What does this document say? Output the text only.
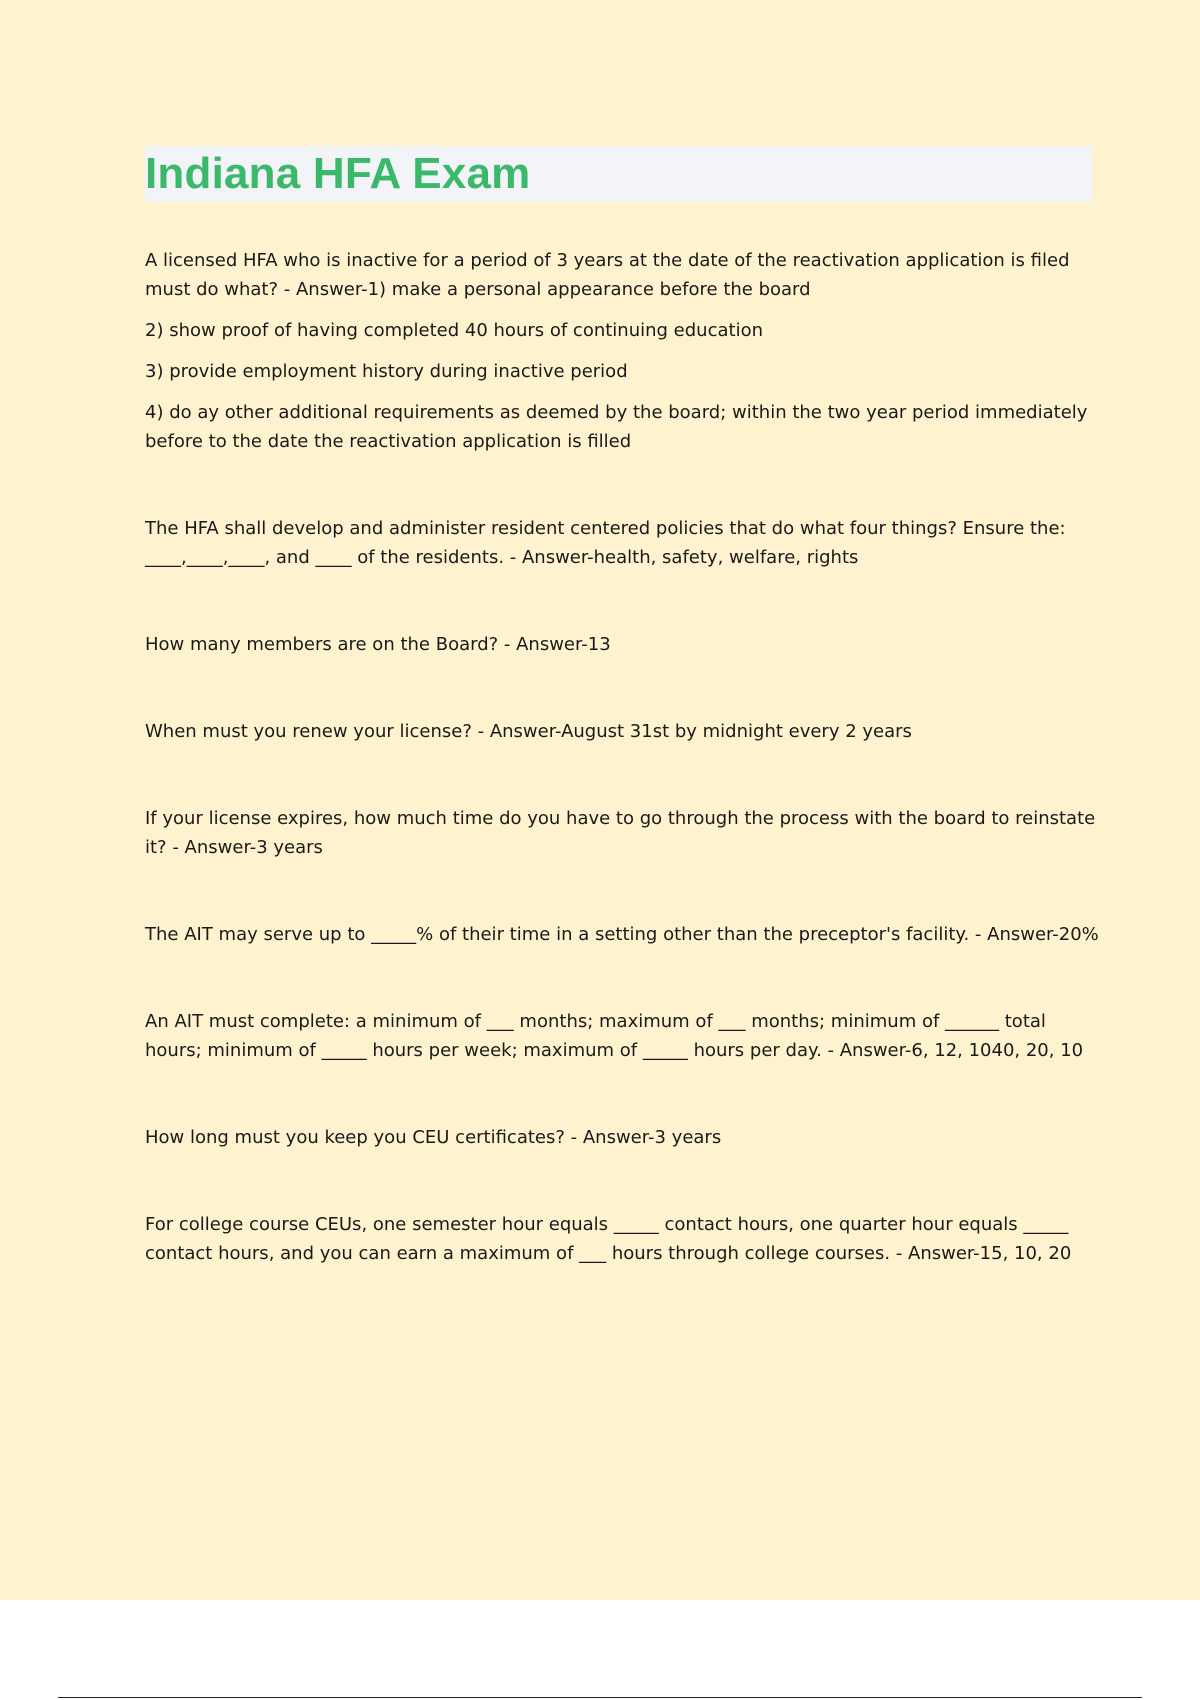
Indiana HFA Exam

A licensed HFA who is inactive for a period of 3 years at the date of the reactivation application is filed must do what? - Answer-1) make a personal appearance before the board

2) show proof of having completed 40 hours of continuing education

3) provide employment history during inactive period

4) do ay other additional requirements as deemed by the board; within the two year period immediately before to the date the reactivation application is filled

The HFA shall develop and administer resident centered policies that do what four things? Ensure the: ____,____,____, and ____ of the residents. - Answer-health, safety, welfare, rights

How many members are on the Board? - Answer-13

When must you renew your license? - Answer-August 31st by midnight every 2 years

If your license expires, how much time do you have to go through the process with the board to reinstate it? - Answer-3 years

The AIT may serve up to _____% of their time in a setting other than the preceptor's facility. - Answer-20%

An AIT must complete: a minimum of ___ months; maximum of ___ months; minimum of ______ total hours; minimum of _____ hours per week; maximum of _____ hours per day. - Answer-6, 12, 1040, 20, 10

How long must you keep you CEU certificates? - Answer-3 years

For college course CEUs, one semester hour equals _____ contact hours, one quarter hour equals _____ contact hours, and you can earn a maximum of ___ hours through college courses. - Answer-15, 10, 20
